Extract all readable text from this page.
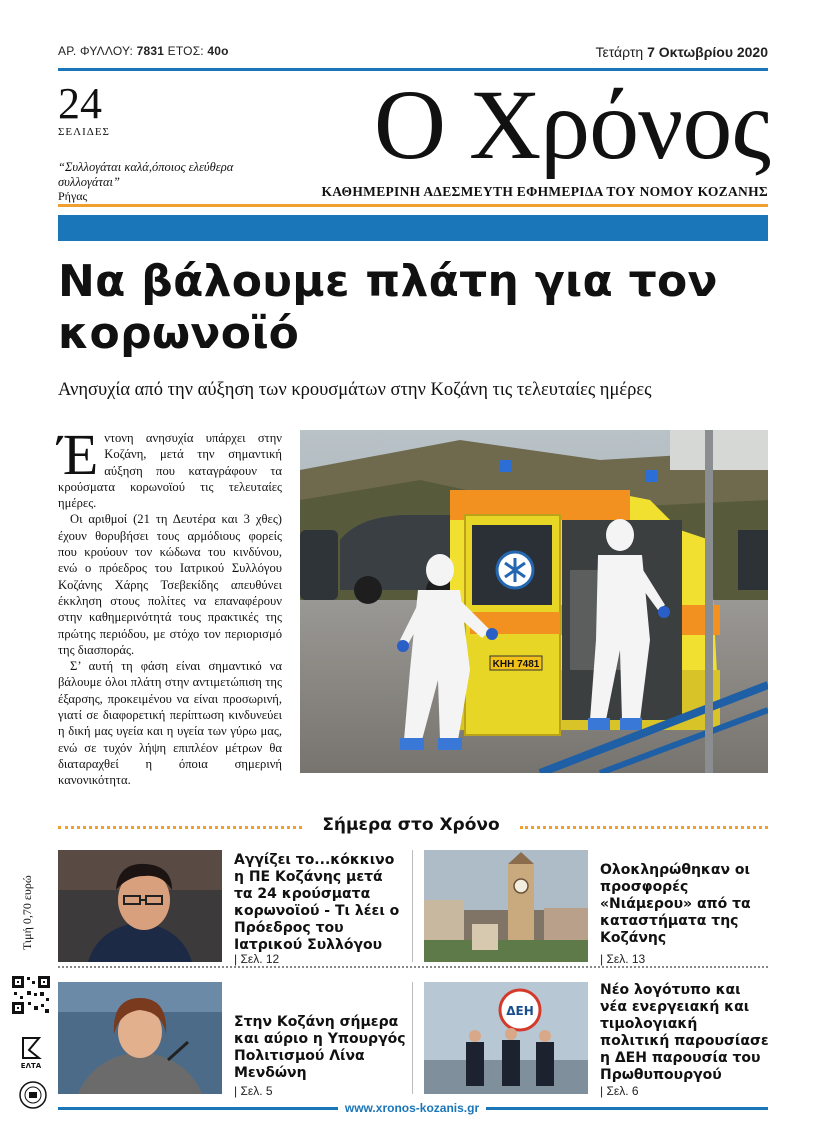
ΑΡ. ΦΥΛΛΟΥ: 7831 ΕΤΟΣ: 40ο	Τετάρτη 7 Οκτωβρίου 2020
24
ΣΕΛΙΔΕΣ
“Συλλογάται καλά,όποιος ελεύθερα συλλογάται”
Ρήγας
Ο Χρόνος
ΚΑΘΗΜΕΡΙΝΗ ΑΔΕΣΜΕΥΤΗ ΕΦΗΜΕΡΙΔΑ ΤΟΥ ΝΟΜΟΥ ΚΟΖΑΝΗΣ
Να βάλουμε πλάτη για τον κορωνοϊό
Ανησυχία από την αύξηση των κρουσμάτων στην Κοζάνη τις τελευταίες ημέρες

Έντονη ανησυχία υπάρχει στην Κοζάνη, μετά την σημαντική αύξηση που καταγράφουν τα κρούσματα κορωνοϊού τις τελευταίες ημέρες.

Οι αριθμοί (21 τη Δευτέρα και 3 χθες) έχουν θορυβήσει τους αρμόδιους φορείς που κρούουν τον κώδωνα του κινδύνου, ενώ ο πρόεδρος του Ιατρικού Συλλόγου Κοζάνης Χάρης Τσεβεκίδης απευθύνει έκκληση στους πολίτες να επαναφέρουν στην καθημερινότητά τους πρακτικές της πρώτης περιόδου, με στόχο τον περιορισμό της διασποράς.

Σ’ αυτή τη φάση είναι σημαντικό να βάλουμε όλοι πλάτη στην αντιμετώπιση της έξαρσης, προκειμένου να είναι προσωρινή, γιατί σε διαφορετική περίπτωση κινδυνεύει η δική μας υγεία και η υγεία των γύρω μας, ενώ σε τυχόν λήψη επιπλέον μέτρων θα διαταραχθεί η όποια σημερινή κανονικότητα.

ΚΗΗ 7481
Σήμερα στο Χρόνο
Τιμή 0,70 ευρώ
Αγγίζει το...κόκκινο η ΠΕ Κοζάνης μετά τα 24 κρούσματα κορωνοϊού - Τι λέει ο Πρόεδρος του Ιατρικού Συλλόγου
| Σελ. 12
Ολοκληρώθηκαν οι προσφορές «Νιάμερου» από τα καταστήματα της Κοζάνης
| Σελ. 13
Στην Κοζάνη σήμερα και αύριο η Υπουργός Πολιτισμού Λίνα Μενδώνη
| Σελ. 5
ΔΕΗ
Νέο λογότυπο και νέα ενεργειακή και τιμολογιακή πολιτική παρουσίασε η ΔΕΗ παρουσία του Πρωθυπουργού
| Σελ. 6
www.xronos-kozanis.gr
ΕΛΤΑ
